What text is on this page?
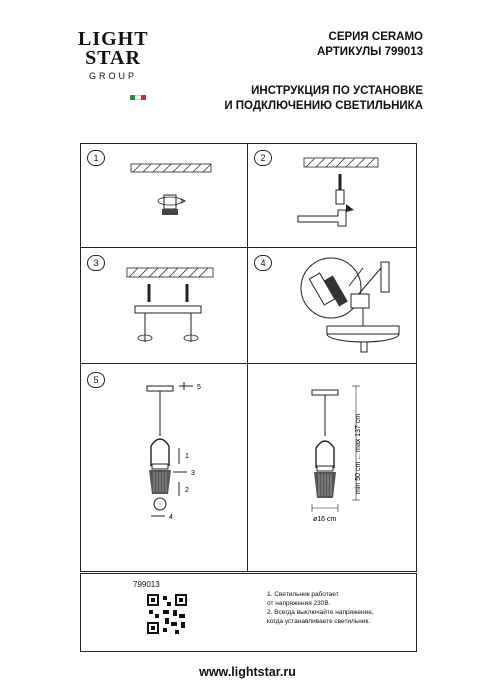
LIGHT
STAR
GROUP
СЕРИЯ CERAMO
АРТИКУЛЫ 799013
ИНСТРУКЦИЯ ПО УСТАНОВКЕ
И ПОДКЛЮЧЕНИЮ СВЕТИЛЬНИКА
1	2
3	4
5
5
1
3
2
4
min 50 cm ... max 137 cm
ø16 cm
799013
1. Светильник работает
от напряжения 230В.
2. Всегда выключайте напряжение,
когда устанавливаете светильник.
www.lightstar.ru
